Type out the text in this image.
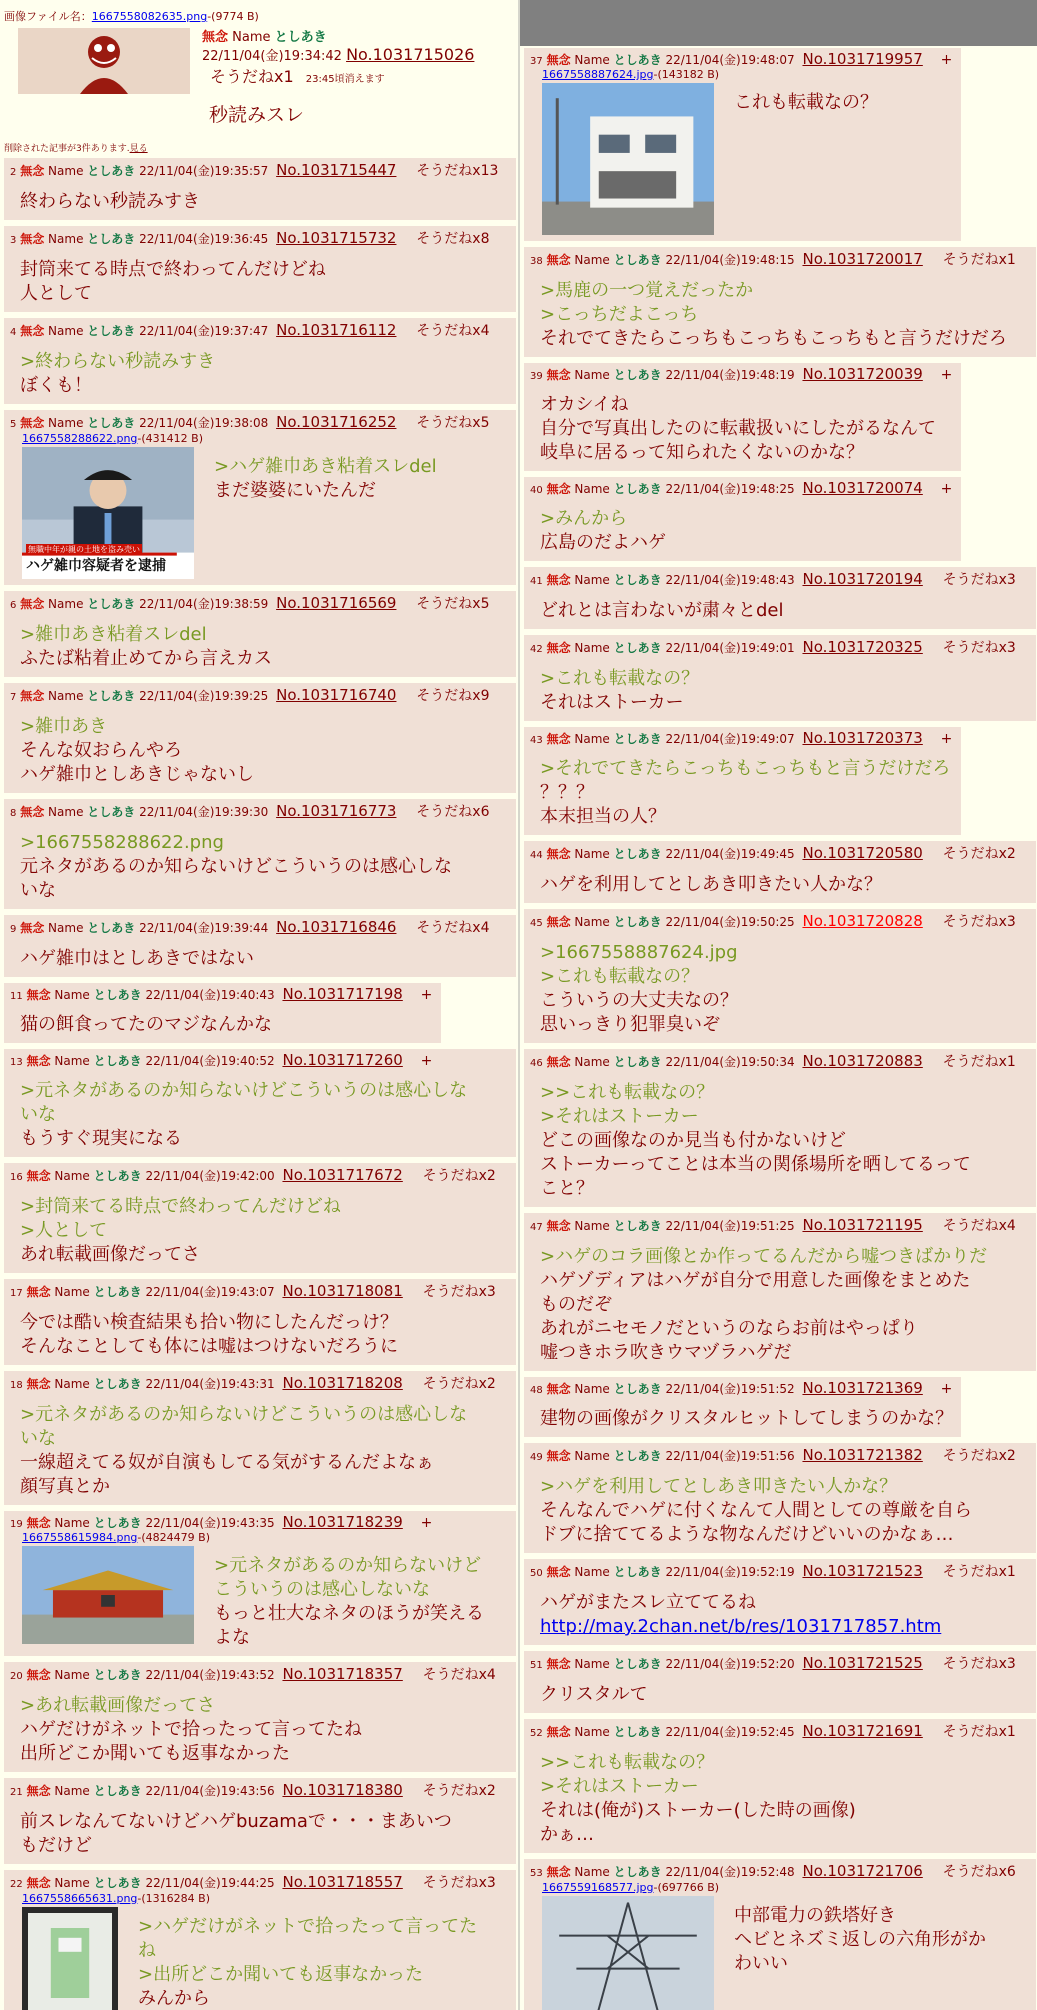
画像ファイル名：1667558082635.png-(9774 B)
無念 Name としあき
22/11/04(金)19:34:42 No.1031715026
そうだねx1 23:45頃消えます
秒読みスレ
削除された記事が3件あります.見る
2 無念 Name としあき 22/11/04(金)19:35:57 No.1031715447 そうだねx13
終わらない秒読みすき
3 無念 Name としあき 22/11/04(金)19:36:45 No.1031715732 そうだねx8
封筒来てる時点で終わってんだけどね
人として
4 無念 Name としあき 22/11/04(金)19:37:47 No.1031716112 そうだねx4
>終わらない秒読みすき
ぼくも！
5 無念 Name としあき 22/11/04(金)19:38:08 No.1031716252 そうだねx5
1667558288622.png-(431412 B)
ハゲ雑巾容疑者を逮捕
無職中年が親の土地を盗み売い
>ハゲ雑巾あき粘着スレdel
まだ婆婆にいたんだ
6 無念 Name としあき 22/11/04(金)19:38:59 No.1031716569 そうだねx5
>雑巾あき粘着スレdel
ふたば粘着止めてから言えカス
7 無念 Name としあき 22/11/04(金)19:39:25 No.1031716740 そうだねx9
>雑巾あき
そんな奴おらんやろ
ハゲ雑巾としあきじゃないし
8 無念 Name としあき 22/11/04(金)19:39:30 No.1031716773 そうだねx6
>1667558288622.png
元ネタがあるのか知らないけどこういうのは感心しな
いな
9 無念 Name としあき 22/11/04(金)19:39:44 No.1031716846 そうだねx4
ハゲ雑巾はとしあきではない
11 無念 Name としあき 22/11/04(金)19:40:43 No.1031717198 +
猫の餌食ってたのマジなんかな
13 無念 Name としあき 22/11/04(金)19:40:52 No.1031717260 +
>元ネタがあるのか知らないけどこういうのは感心しな
いな
もうすぐ現実になる
16 無念 Name としあき 22/11/04(金)19:42:00 No.1031717672 そうだねx2
>封筒来てる時点で終わってんだけどね
>人として
あれ転載画像だってさ
17 無念 Name としあき 22/11/04(金)19:43:07 No.1031718081 そうだねx3
今では酷い検査結果も拾い物にしたんだっけ？
そんなことしても体には嘘はつけないだろうに
18 無念 Name としあき 22/11/04(金)19:43:31 No.1031718208 そうだねx2
>元ネタがあるのか知らないけどこういうのは感心しな
いな
一線超えてる奴が自演もしてる気がするんだよなぁ
顔写真とか
19 無念 Name としあき 22/11/04(金)19:43:35 No.1031718239 +
1667558615984.png-(4824479 B)
>元ネタがあるのか知らないけど
こういうのは感心しないな
もっと壮大なネタのほうが笑える
よな
20 無念 Name としあき 22/11/04(金)19:43:52 No.1031718357 そうだねx4
>あれ転載画像だってさ
ハゲだけがネットで拾ったって言ってたね
出所どこか聞いても返事なかった
21 無念 Name としあき 22/11/04(金)19:43:56 No.1031718380 そうだねx2
前スレなんてないけどハゲbuzamaで・・・まあいつ
もだけど
22 無念 Name としあき 22/11/04(金)19:44:25 No.1031718557 そうだねx3
1667558665631.png-(1316284 B)
>ハゲだけがネットで拾ったって言ってた
ね
>出所どこか聞いても返事なかった
みんから
37 無念 Name としあき 22/11/04(金)19:48:07 No.1031719957 +
1667558887624.jpg-(143182 B)
これも転載なの？
38 無念 Name としあき 22/11/04(金)19:48:15 No.1031720017 そうだねx1
>馬鹿の一つ覚えだったか
>こっちだよこっち
それでてきたらこっちもこっちもこっちもと言うだけだろ
39 無念 Name としあき 22/11/04(金)19:48:19 No.1031720039 +
オカシイね
自分で写真出したのに転載扱いにしたがるなんて
岐阜に居るって知られたくないのかな？
40 無念 Name としあき 22/11/04(金)19:48:25 No.1031720074 +
>みんから
広島のだよハゲ
41 無念 Name としあき 22/11/04(金)19:48:43 No.1031720194 そうだねx3
どれとは言わないが粛々とdel
42 無念 Name としあき 22/11/04(金)19:49:01 No.1031720325 そうだねx3
>これも転載なの？
それはストーカー
43 無念 Name としあき 22/11/04(金)19:49:07 No.1031720373 +
>それでてきたらこっちもこっちもと言うだけだろ
？？？
本末担当の人？
44 無念 Name としあき 22/11/04(金)19:49:45 No.1031720580 そうだねx2
ハゲを利用してとしあき叩きたい人かな？
45 無念 Name としあき 22/11/04(金)19:50:25 No.1031720828 そうだねx3
>1667558887624.jpg
>これも転載なの？
こういうの大丈夫なの？
思いっきり犯罪臭いぞ
46 無念 Name としあき 22/11/04(金)19:50:34 No.1031720883 そうだねx1
>>これも転載なの？
>それはストーカー
どこの画像なのか見当も付かないけど
ストーカーってことは本当の関係場所を晒してるって
こと？
47 無念 Name としあき 22/11/04(金)19:51:25 No.1031721195 そうだねx4
>ハゲのコラ画像とか作ってるんだから嘘つきばかりだ
ハゲゾディアはハゲが自分で用意した画像をまとめた
ものだぞ
あれがニセモノだというのならお前はやっぱり
嘘つきホラ吹きウマヅラハゲだ
48 無念 Name としあき 22/11/04(金)19:51:52 No.1031721369 +
建物の画像がクリスタルヒットしてしまうのかな？
49 無念 Name としあき 22/11/04(金)19:51:56 No.1031721382 そうだねx2
>ハゲを利用してとしあき叩きたい人かな？
そんなんでハゲに付くなんて人間としての尊厳を自ら
ドブに捨ててるような物なんだけどいいのかなぁ…
50 無念 Name としあき 22/11/04(金)19:52:19 No.1031721523 そうだねx1
ハゲがまたスレ立ててるね
http://may.2chan.net/b/res/1031717857.htm
51 無念 Name としあき 22/11/04(金)19:52:20 No.1031721525 そうだねx3
クリスタルて
52 無念 Name としあき 22/11/04(金)19:52:45 No.1031721691 そうだねx1
>>これも転載なの？
>それはストーカー
それは(俺が)ストーカー(した時の画像)
かぁ…
53 無念 Name としあき 22/11/04(金)19:52:48 No.1031721706 そうだねx6
1667559168577.jpg-(697766 B)
中部電力の鉄塔好き
ヘビとネズミ返しの六角形がか
わいい
